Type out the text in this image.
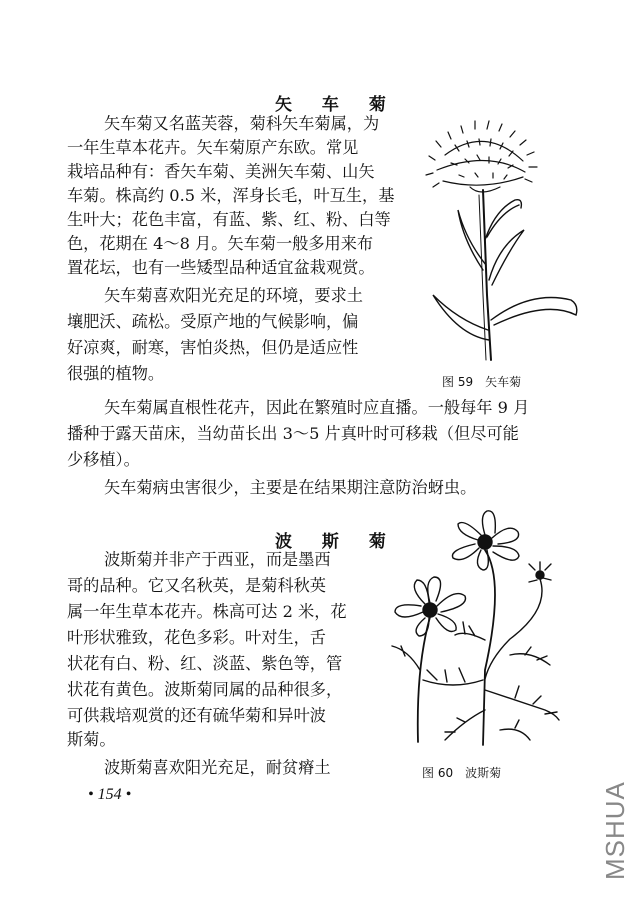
矢 车 菊
矢车菊又名蓝芙蓉，菊科矢车菊属，为
一年生草本花卉。矢车菊原产东欧。常见
栽培品种有：香矢车菊、美洲矢车菊、山矢
车菊。株高约 0.5 米，浑身长毛，叶互生，基
生叶大；花色丰富，有蓝、紫、红、粉、白等
色，花期在 4～8 月。矢车菊一般多用来布
置花坛，也有一些矮型品种适宜盆栽观赏。
矢车菊喜欢阳光充足的环境，要求土
壤肥沃、疏松。受原产地的气候影响，偏
好凉爽，耐寒，害怕炎热，但仍是适应性
很强的植物。	图 59　矢车菊
矢车菊属直根性花卉，因此在繁殖时应直播。一般每年 9 月
播种于露天苗床，当幼苗长出 3～5 片真叶时可移栽（但尽可能
少移植）。
矢车菊病虫害很少，主要是在结果期注意防治蚜虫。
波 斯 菊
波斯菊并非产于西亚，而是墨西
哥的品种。它又名秋英，是菊科秋英
属一年生草本花卉。株高可达 2 米，花
叶形状雅致，花色多彩。叶对生，舌
状花有白、粉、红、淡蓝、紫色等，管
状花有黄色。波斯菊同属的品种很多，
可供栽培观赏的还有硫华菊和异叶波
斯菊。
波斯菊喜欢阳光充足，耐贫瘠土	图 60　波斯菊
• 154 •	MSHUA
